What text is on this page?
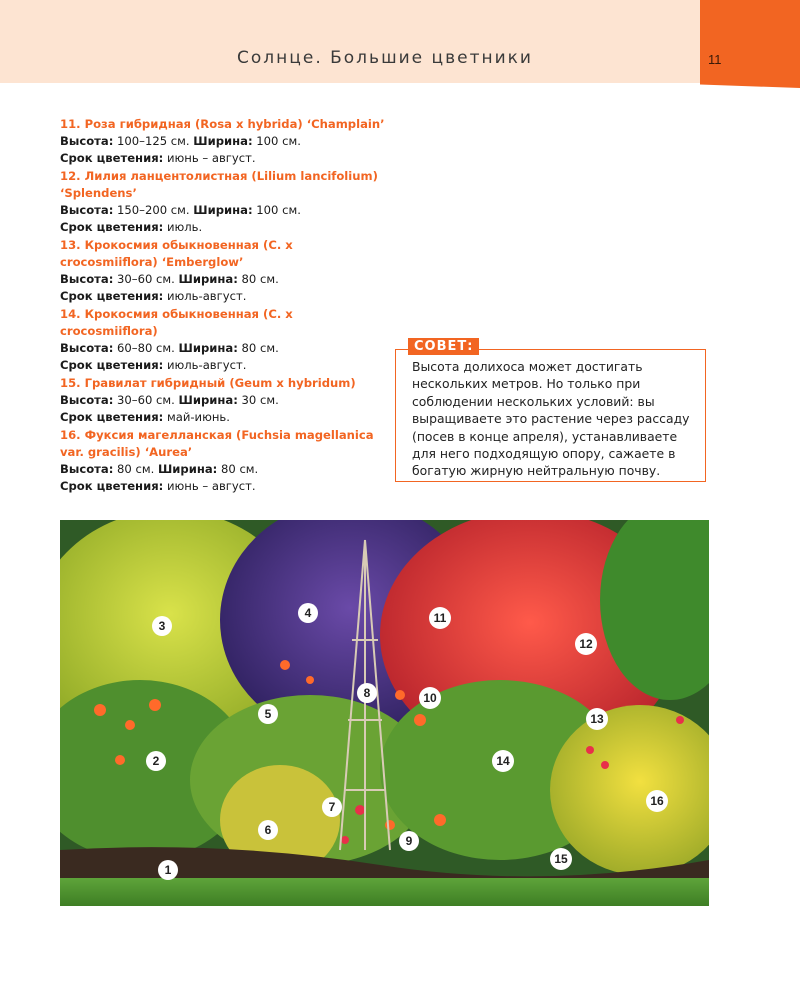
Солнце. Большие цветники	11
11. Роза гибридная (Rosa x hybrida) ‘Champlain’
Высота: 100–125 см. Ширина: 100 см.
Срок цветения: июнь – август.
12. Лилия ланцентолистная (Lilium lancifolium) ‘Splendens’
Высота: 150–200 см. Ширина: 100 см.
Срок цветения: июль.
13. Крокосмия обыкновенная (C. x crocosmiiflora) ‘Emberglow’
Высота: 30–60 см. Ширина: 80 см.
Срок цветения: июль-август.
14. Крокосмия обыкновенная (C. x crocosmiiflora)
Высота: 60–80 см. Ширина: 80 см.
Срок цветения: июль-август.
15. Гравилат гибридный (Geum x hybridum)
Высота: 30–60 см. Ширина: 30 см.
Срок цветения: май-июнь.
16. Фуксия магелланская (Fuchsia magellanica var. gracilis) ‘Aurea’
Высота: 80 см. Ширина: 80 см.
Срок цветения: июнь – август.
СОВЕТ:
Высота долихоса может достигать нескольких метров. Но только при соблюдении нескольких условий: вы выращиваете это растение через рассаду (посев в конце апреля), устанавливаете для него подходящую опору, сажаете в богатую жирную нейтральную почву.
1
2
3
4
5
6
7
8
9
10
11
12
13
14
15
16
